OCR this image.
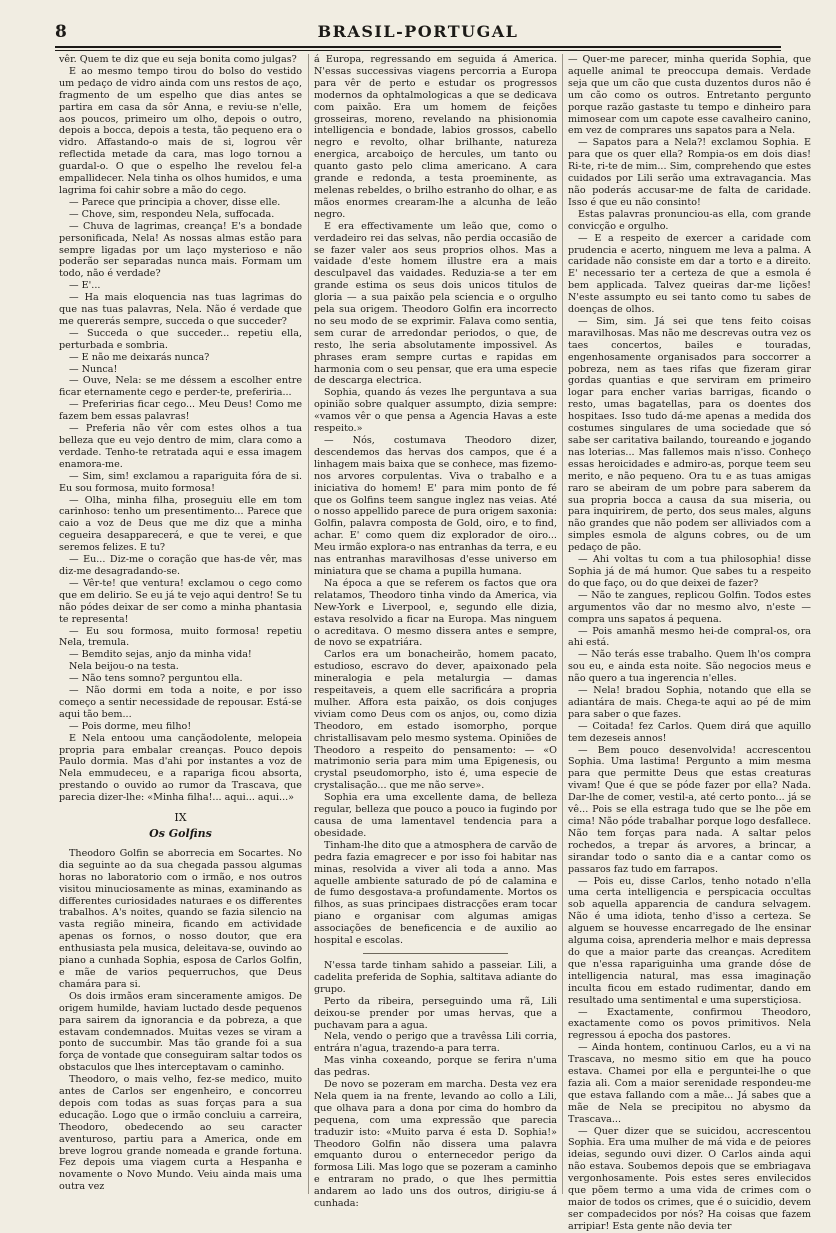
8	BRASIL-PORTUGAL

vêr. Quem te diz que eu seja bonita como julgas?

E ao mesmo tempo tirou do bolso do vestido um pedaço de vidro ainda com uns restos de aço, fragmento de um espelho que dias antes se partira em casa da sôr Anna, e reviu-se n'elle, aos poucos, primeiro um olho, depois o outro, depois a bocca, depois a testa, tão pequeno era o vidro. Affastando-o mais de si, logrou vêr reflectida metade da cara, mas logo tornou a guardal-o. O que o espelho lhe revelou fel-a empallidecer. Nela tinha os olhos humidos, e uma lagrima foi cahir sobre a mão do cego.

— Parece que principia a chover, disse elle.

— Chove, sim, respondeu Nela, suffocada.

— Chuva de lagrimas, creança! E's a bondade personificada, Nela! As nossas almas estão para sempre ligadas por um laço mysterioso e não poderão ser separadas nunca mais. Formam um todo, não é verdade?

— E'...

— Ha mais eloquencia nas tuas lagrimas do que nas tuas palavras, Nela. Não é verdade que me quererás sempre, succeda o que succeder?

— Succeda o que succeder... repetiu ella, perturbada e sombria.

— E não me deixarás nunca?

— Nunca!

— Ouve, Nela: se me déssem a escolher entre ficar eternamente cego e perder-te, preferiria...

— Preferirias ficar cego... Meu Deus! Como me fazem bem essas palavras!

— Preferia não vêr com estes olhos a tua belleza que eu vejo dentro de mim, clara como a verdade. Tenho-te retratada aqui e essa imagem enamora-me.

— Sim, sim! exclamou a rapariguita fóra de si. Eu sou formosa, muito formosa!

— Olha, minha filha, proseguiu elle em tom carinhoso: tenho um presentimento... Parece que caio a voz de Deus que me diz que a minha cegueira desapparecerá, e que te verei, e que seremos felizes. E tu?

— Eu... Diz-me o coração que has-de vêr, mas diz-me desagradando-se.

— Vêr-te! que ventura! exclamou o cego como que em delirio. Se eu já te vejo aqui dentro! Se tu não pódes deixar de ser como a minha phantasia te representa!

— Eu sou formosa, muito formosa! repetiu Nela, tremula.

— Bemdito sejas, anjo da minha vida!

Nela beijou-o na testa.

— Não tens somno? perguntou ella.

— Não dormi em toda a noite, e por isso começo a sentir necessidade de repousar. Está-se aqui tão bem...

— Pois dorme, meu filho!

E Nela entoou uma cançãodolente, melopeia propria para embalar creanças. Pouco depois Paulo dormia. Mas d'ahi por instantes a voz de Nela emmudeceu, e a rapariga ficou absorta, prestando o ouvido ao rumor da Trascava, que parecia dizer-lhe: «Minha filha!... aqui... aqui...»

IX
Os Golfins

Theodoro Golfin se aborrecia em Socartes. No dia seguinte ao da sua chegada passou algumas horas no laboratorio com o irmão, e nos outros visitou minuciosamente as minas, examinando as differentes curiosidades naturaes e os differentes trabalhos. A's noites, quando se fazia silencio na vasta região mineira, ficando em actividade apenas os fornos, o nosso doutor, que era enthusiasta pela musica, deleitava-se, ouvindo ao piano a cunhada Sophia, esposa de Carlos Golfin, e mãe de varios pequerruchos, que Deus chamára para si.

Os dois irmãos eram sinceramente amigos. De origem humilde, haviam luctado desde pequenos para sairem da ignorancia e da pobreza, a que estavam condemnados. Muitas vezes se viram a ponto de succumbir. Mas tão grande foi a sua força de vontade que conseguiram saltar todos os obstaculos que lhes interceptavam o caminho.

Theodoro, o mais velho, fez-se medico, muito antes de Carlos ser engenheiro, e concorreu depois com todas as suas forças para a sua educação. Logo que o irmão concluiu a carreira, Theodoro, obedecendo ao seu caracter aventuroso, partiu para a America, onde em breve logrou grande nomeada e grande fortuna. Fez depois uma viagem curta a Hespanha e novamente o Novo Mundo. Veiu ainda mais uma outra vez

á Europa, regressando em seguida á America. N'essas successivas viagens percorria a Europa para vêr de perto e estudar os progressos modernos da ophtalmologicas a que se dedicava com paixão. Era um homem de feições grosseiras, moreno, revelando na phisionomia intelligencia e bondade, labios grossos, cabello negro e revolto, olhar brilhante, natureza energica, arcaboiço de hercules, um tanto ou quanto gasto pelo clima americano. A cara grande e redonda, a testa proeminente, as melenas rebeldes, o brilho estranho do olhar, e as mãos enormes crearam-lhe a alcunha de leão negro.

E era effectivamente um leão que, como o verdadeiro rei das selvas, não perdia occasião de se fazer valer aos seus proprios olhos. Mas a vaidade d'este homem illustre era a mais desculpavel das vaidades. Reduzia-se a ter em grande estima os seus dois unicos titulos de gloria — a sua paixão pela sciencia e o orgulho pela sua origem. Theodoro Golfin era incorrecto no seu modo de se exprimir. Falava como sentia, sem curar de arredondar periodos, o que, de resto, lhe seria absolutamente impossivel. As phrases eram sempre curtas e rapidas em harmonia com o seu pensar, que era uma especie de descarga electrica.

Sophia, quando ás vezes lhe perguntava a sua opinião sobre qualquer assumpto, dizia sempre: «vamos vêr o que pensa a Agencia Havas a este respeito.»

— Nós, costumava Theodoro dizer, descendemos das hervas dos campos, que é a linhagem mais baixa que se conhece, mas fizemo-nos arvores corpulentas. Viva o trabalho e a iniciativa do homem! E' para mim ponto de fé que os Golfins teem sangue inglez nas veias. Até o nosso appellido parece de pura origem saxonia: Golfin, palavra composta de Gold, oiro, e to find, achar. E' como quem diz explorador de oiro... Meu irmão explora-o nas entranhas da terra, e eu nas entranhas maravilhosas d'esse universo em miniatura que se chama a pupilla humana.

Na época a que se referem os factos que ora relatamos, Theodoro tinha vindo da America, via New-York e Liverpool, e, segundo elle dizia, estava resolvido a ficar na Europa. Mas ninguem o acreditava. O mesmo dissera antes e sempre, de novo se expatriára.

Carlos era um bonacheirão, homem pacato, estudioso, escravo do dever, apaixonado pela mineralogia e pela metalurgia — damas respeitaveis, a quem elle sacrificára a propria mulher. Affora esta paixão, os dois conjuges viviam como Deus com os anjos, ou, como dizia Theodoro, em estado isomorpho, porque christallisavam pelo mesmo systema. Opiniões de Theodoro a respeito do pensamento: — «O matrimonio seria para mim uma Epigenesis, ou crystal pseudomorpho, isto é, uma especie de crystalisação... que me não serve».

Sophia era uma excellente dama, de belleza regular, belleza que pouco a pouco ia fugindo por causa de uma lamentavel tendencia para a obesidade.

Tinham-lhe dito que a atmosphera de carvão de pedra fazia emagrecer e por isso foi habitar nas minas, resolvida a viver ali toda a anno. Mas aquelle ambiente saturado de pó de calamina e de fumo desgostava-a profundamente. Mortos os filhos, as suas principaes distracções eram tocar piano e organisar com algumas amigas associações de beneficencia e de auxilio ao hospital e escolas.

N'essa tarde tinham sahido a passeiar. Lili, a cadelita preferida de Sophia, saltitava adiante do grupo.

Perto da ribeira, perseguindo uma rã, Lili deixou-se prender por umas hervas, que a puchavam para a agua.

Nela, vendo o perigo que a travêssa Lili corria, entrára n'agua, trazendo-a para terra.

Mas vinha coxeando, porque se ferira n'uma das pedras.

De novo se pozeram em marcha. Desta vez era Nela quem ia na frente, levando ao collo a Lili, que olhava para a dona por cima do hombro da pequena, com uma expressão que parecia traduzir isto: «Muito parva é esta D. Sophia!» Theodoro Golfin não dissera uma palavra emquanto durou o enternecedor perigo da formosa Lili. Mas logo que se pozeram a caminho e entraram no prado, o que lhes permittia andarem ao lado uns dos outros, dirigiu-se á cunhada:

— Quer-me parecer, minha querida Sophia, que aquelle animal te preoccupa demais. Verdade seja que um cão que custa duzentos duros não é um cão como os outros. Entretanto pergunto porque razão gastaste tu tempo e dinheiro para mimosear com um capote esse cavalheiro canino, em vez de comprares uns sapatos para a Nela.

— Sapatos para a Nela?! exclamou Sophia. E para que os quer ella? Rompia-os em dois dias! Ri-te, ri-te de mim... Sim, comprehendo que estes cuidados por Lili serão uma extravagancia. Mas não poderás accusar-me de falta de caridade. Isso é que eu não consinto!

Estas palavras pronunciou-as ella, com grande convicção e orgulho.

— E a respeito de exercer a caridade com prudencia e acerto, ninguem me leva a palma. A caridade não consiste em dar a torto e a direito. E' necessario ter a certeza de que a esmola é bem applicada. Talvez queiras dar-me lições! N'este assumpto eu sei tanto como tu sabes de doenças de olhos.

— Sim, sim. Já sei que tens feito coisas maravilhosas. Mas não me descrevas outra vez os taes concertos, bailes e touradas, engenhosamente organisados para soccorrer a pobreza, nem as taes rifas que fizeram girar gordas quantias e que serviram em primeiro logar para encher varias barrigas, ficando o resto, umas bagatellas, para os doentes dos hospitaes. Isso tudo dá-me apenas a medida dos costumes singulares de uma sociedade que só sabe ser caritativa bailando, toureando e jogando nas loterias... Mas fallemos mais n'isso. Conheço essas heroicidades e admiro-as, porque teem seu merito, e não pequeno. Ora tu e as tuas amigas raro se abeiram de um pobre para saberem da sua propria bocca a causa da sua miseria, ou para inquirirem, de perto, dos seus males, alguns não grandes que não podem ser alliviados com a simples esmola de alguns cobres, ou de um pedaço de pão.

— Ahi voltas tu com a tua philosophia! disse Sophia já de má humor. Que sabes tu a respeito do que faço, ou do que deixei de fazer?

— Não te zangues, replicou Golfin. Todos estes argumentos vão dar no mesmo alvo, n'este — compra uns sapatos á pequena.

— Pois amanhã mesmo hei-de compral-os, ora ahi está.

— Não terás esse trabalho. Quem lh'os compra sou eu, e ainda esta noite. São negocios meus e não quero a tua ingerencia n'elles.

— Nela! bradou Sophia, notando que ella se adiantára de mais. Chega-te aqui ao pé de mim para saber o que fazes.

— Coitada! fez Carlos. Quem dirá que aquillo tem dezeseis annos!

— Bem pouco desenvolvida! accrescentou Sophia. Uma lastima! Pergunto a mim mesma para que permitte Deus que estas creaturas vivam! Que é que se póde fazer por ella? Nada. Dar-lhe de comer, vestil-a, até certo ponto... já se vê... Pois se ella estraga tudo que se lhe põe em cima! Não póde trabalhar porque logo desfallece. Não tem forças para nada. A saltar pelos rochedos, a trepar ás arvores, a brincar, a sirandar todo o santo dia e a cantar como os passaros faz tudo em farrapos.

— Pois eu, disse Carlos, tenho notado n'ella uma certa intelligencia e perspicacia occultas sob aquella apparencia de candura selvagem. Não é uma idiota, tenho d'isso a certeza. Se alguem se houvesse encarregado de lhe ensinar alguma coisa, aprenderia melhor e mais depressa do que a maior parte das creanças. Acreditem que n'essa rapariguinha uma grande dóse de intelligencia natural, mas essa imaginação inculta ficou em estado rudimentar, dando em resultado uma sentimental e uma superstiçiosa.

— Exactamente, confirmou Theodoro, exactamente como os povos primitivos. Nela regressou á epocha dos pastores.

— Ainda hontem, continuou Carlos, eu a vi na Trascava, no mesmo sitio em que ha pouco estava. Chamei por ella e perguntei-lhe o que fazia ali. Com a maior serenidade respondeu-me que estava fallando com a mãe... Já sabes que a mãe de Nela se precipitou no abysmo da Trascava...

— Quer dizer que se suicidou, accrescentou Sophia. Era uma mulher de má vida e de peiores ideias, segundo ouvi dizer. O Carlos ainda aqui não estava. Soubemos depois que se embriagava vergonhosamente. Pois estes seres envilecidos que põem termo a uma vida de crimes com o maior de todos os crimes, que é o suicidio, devem ser compadecidos por nós? Ha coisas que fazem arripiar! Esta gente não devia ter
